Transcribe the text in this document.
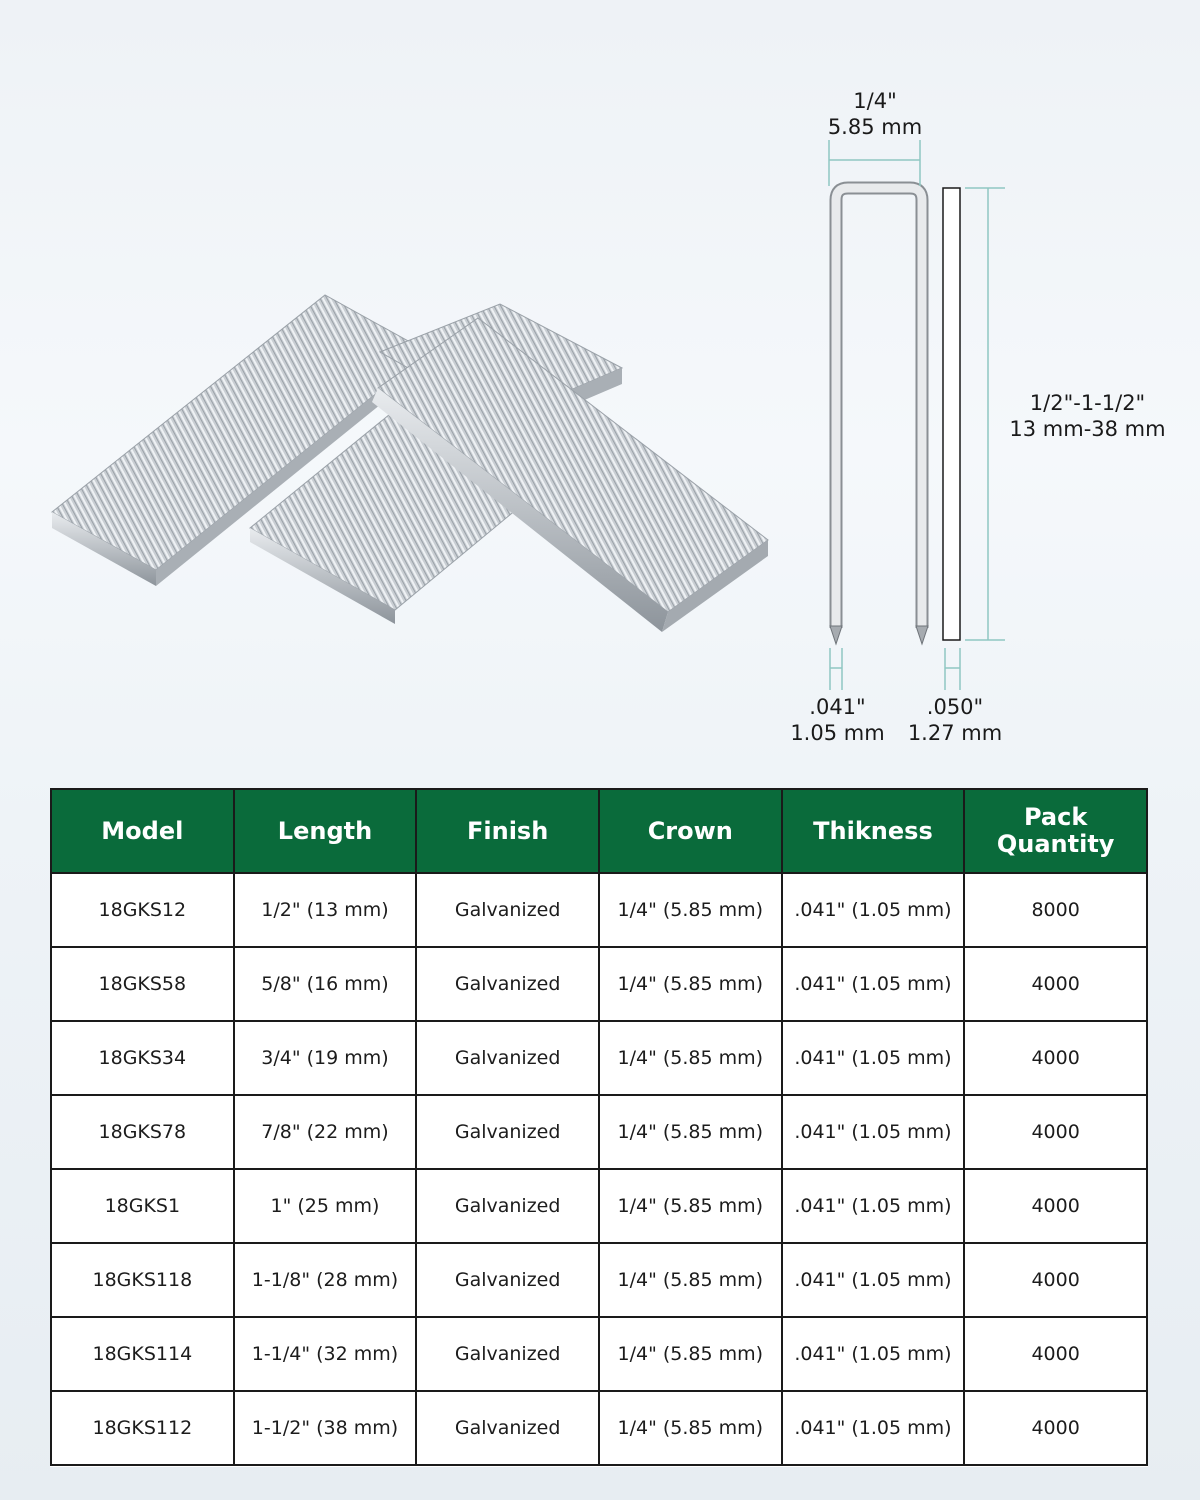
1/4"
5.85 mm
1/2"-1-1/2"
13 mm-38 mm
.041"
1.05 mm
.050"
1.27 mm
Model	Length	Finish	Crown	Thikness	Pack Quantity
18GKS12	1/2" (13 mm)	Galvanized	1/4" (5.85 mm)	.041" (1.05 mm)	8000
18GKS58	5/8" (16 mm)	Galvanized	1/4" (5.85 mm)	.041" (1.05 mm)	4000
18GKS34	3/4" (19 mm)	Galvanized	1/4" (5.85 mm)	.041" (1.05 mm)	4000
18GKS78	7/8" (22 mm)	Galvanized	1/4" (5.85 mm)	.041" (1.05 mm)	4000
18GKS1	1" (25 mm)	Galvanized	1/4" (5.85 mm)	.041" (1.05 mm)	4000
18GKS118	1-1/8" (28 mm)	Galvanized	1/4" (5.85 mm)	.041" (1.05 mm)	4000
18GKS114	1-1/4" (32 mm)	Galvanized	1/4" (5.85 mm)	.041" (1.05 mm)	4000
18GKS112	1-1/2" (38 mm)	Galvanized	1/4" (5.85 mm)	.041" (1.05 mm)	4000
